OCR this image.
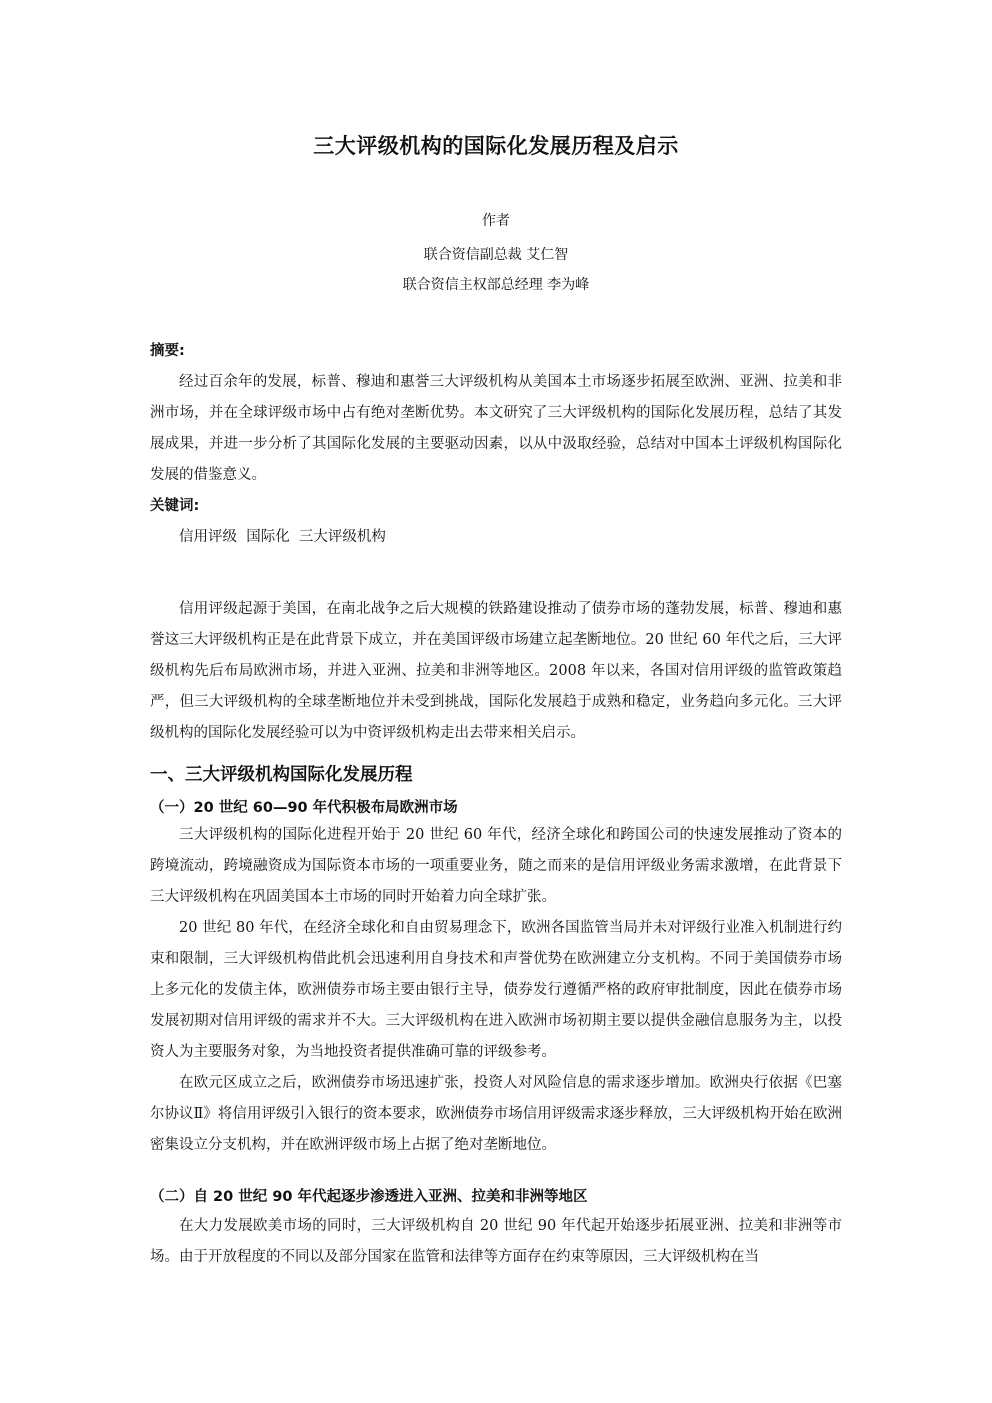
三大评级机构的国际化发展历程及启示
作者
联合资信副总裁 艾仁智
联合资信主权部总经理 李为峰

摘要:

经过百余年的发展，标普、穆迪和惠誉三大评级机构从美国本土市场逐步拓展至欧洲、亚洲、拉美和非洲市场，并在全球评级市场中占有绝对垄断优势。本文研究了三大评级机构的国际化发展历程，总结了其发展成果，并进一步分析了其国际化发展的主要驱动因素，以从中汲取经验，总结对中国本土评级机构国际化发展的借鉴意义。

关键词:

信用评级  国际化  三大评级机构

信用评级起源于美国，在南北战争之后大规模的铁路建设推动了债券市场的蓬勃发展，标普、穆迪和惠誉这三大评级机构正是在此背景下成立，并在美国评级市场建立起垄断地位。20 世纪 60 年代之后，三大评级机构先后布局欧洲市场，并进入亚洲、拉美和非洲等地区。2008 年以来，各国对信用评级的监管政策趋严，但三大评级机构的全球垄断地位并未受到挑战，国际化发展趋于成熟和稳定，业务趋向多元化。三大评级机构的国际化发展经验可以为中资评级机构走出去带来相关启示。

一、三大评级机构国际化发展历程
（一）20 世纪 60—90 年代积极布局欧洲市场

三大评级机构的国际化进程开始于 20 世纪 60 年代，经济全球化和跨国公司的快速发展推动了资本的跨境流动，跨境融资成为国际资本市场的一项重要业务，随之而来的是信用评级业务需求激增，在此背景下三大评级机构在巩固美国本土市场的同时开始着力向全球扩张。

20 世纪 80 年代，在经济全球化和自由贸易理念下，欧洲各国监管当局并未对评级行业准入机制进行约束和限制，三大评级机构借此机会迅速利用自身技术和声誉优势在欧洲建立分支机构。不同于美国债券市场上多元化的发债主体，欧洲债券市场主要由银行主导，债券发行遵循严格的政府审批制度，因此在债券市场发展初期对信用评级的需求并不大。三大评级机构在进入欧洲市场初期主要以提供金融信息服务为主，以投资人为主要服务对象，为当地投资者提供准确可靠的评级参考。

在欧元区成立之后，欧洲债券市场迅速扩张，投资人对风险信息的需求逐步增加。欧洲央行依据《巴塞尔协议Ⅱ》将信用评级引入银行的资本要求，欧洲债券市场信用评级需求逐步释放，三大评级机构开始在欧洲密集设立分支机构，并在欧洲评级市场上占据了绝对垄断地位。

（二）自 20 世纪 90 年代起逐步渗透进入亚洲、拉美和非洲等地区

在大力发展欧美市场的同时，三大评级机构自 20 世纪 90 年代起开始逐步拓展亚洲、拉美和非洲等市场。由于开放程度的不同以及部分国家在监管和法律等方面存在约束等原因，三大评级机构在当
